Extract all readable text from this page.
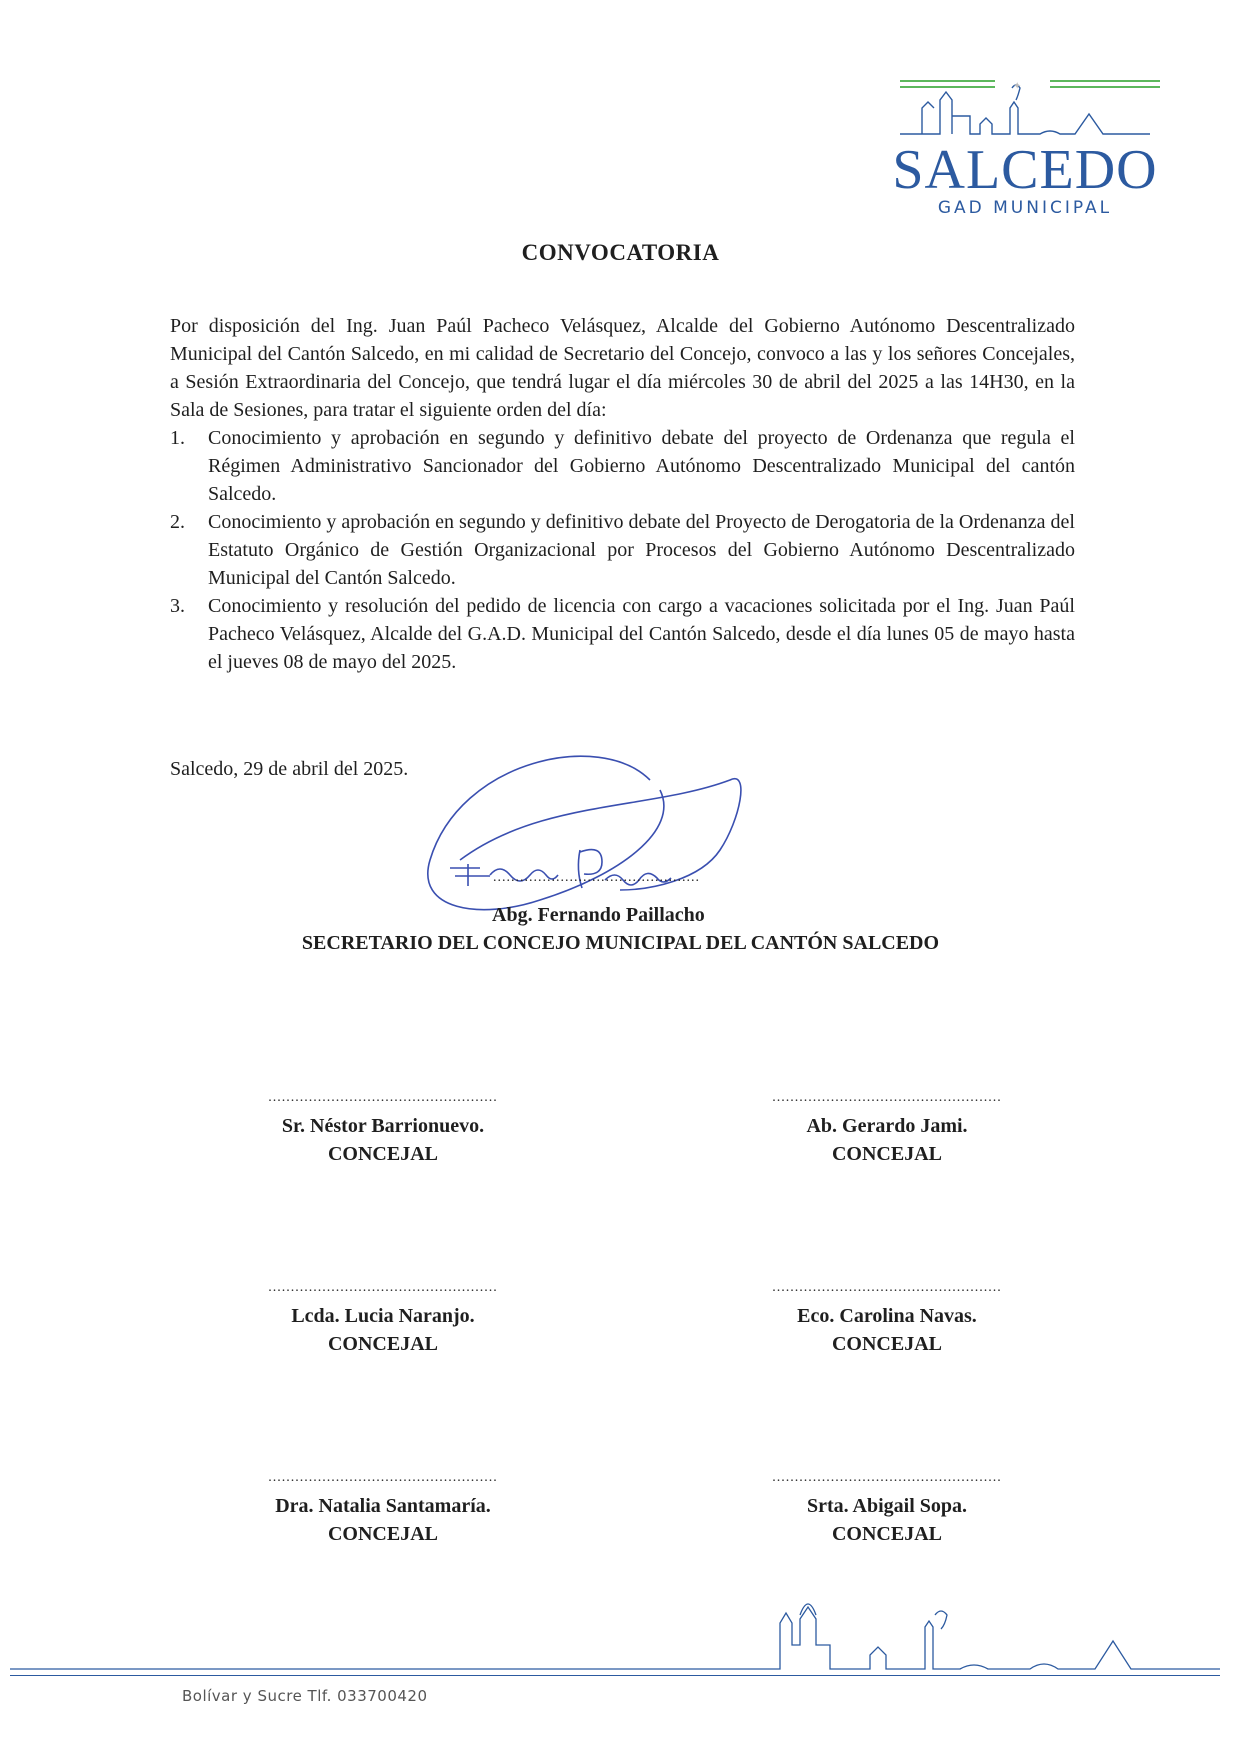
SALCEDO
GAD MUNICIPAL
✦
CONVOCATORIA

Por disposición del Ing. Juan Paúl Pacheco Velásquez, Alcalde del Gobierno Autónomo Descentralizado Municipal del Cantón Salcedo, en mi calidad de Secretario del Concejo, convoco a las y los señores Concejales, a Sesión Extraordinaria del Concejo, que tendrá lugar el día miércoles 30 de abril del 2025 a las 14H30, en la Sala de Sesiones, para tratar el siguiente orden del día:

1. Conocimiento y aprobación en segundo y definitivo debate del proyecto de Ordenanza que regula el Régimen Administrativo Sancionador del Gobierno Autónomo Descentralizado Municipal del cantón Salcedo.
2. Conocimiento y aprobación en segundo y definitivo debate del Proyecto de Derogatoria de la Ordenanza del Estatuto Orgánico de Gestión Organizacional por Procesos del Gobierno Autónomo Descentralizado Municipal del Cantón Salcedo.
3. Conocimiento y resolución del pedido de licencia con cargo a vacaciones solicitada por el Ing. Juan Paúl Pacheco Velásquez, Alcalde del G.A.D. Municipal del Cantón Salcedo, desde el día lunes 05 de mayo hasta el jueves 08 de mayo del 2025.
Salcedo, 29 de abril del 2025.
..............................................
Abg. Fernando Paillacho
SECRETARIO DEL CONCEJO MUNICIPAL DEL CANTÓN SALCEDO
...................................................
Sr. Néstor Barrionuevo.
CONCEJAL
...................................................
Ab. Gerardo Jami.
CONCEJAL
...................................................
Lcda. Lucia Naranjo.
CONCEJAL
...................................................
Eco. Carolina Navas.
CONCEJAL
...................................................
Dra. Natalia Santamaría.
CONCEJAL
...................................................
Srta. Abigail Sopa.
CONCEJAL
Bolívar y Sucre Tlf. 033700420
